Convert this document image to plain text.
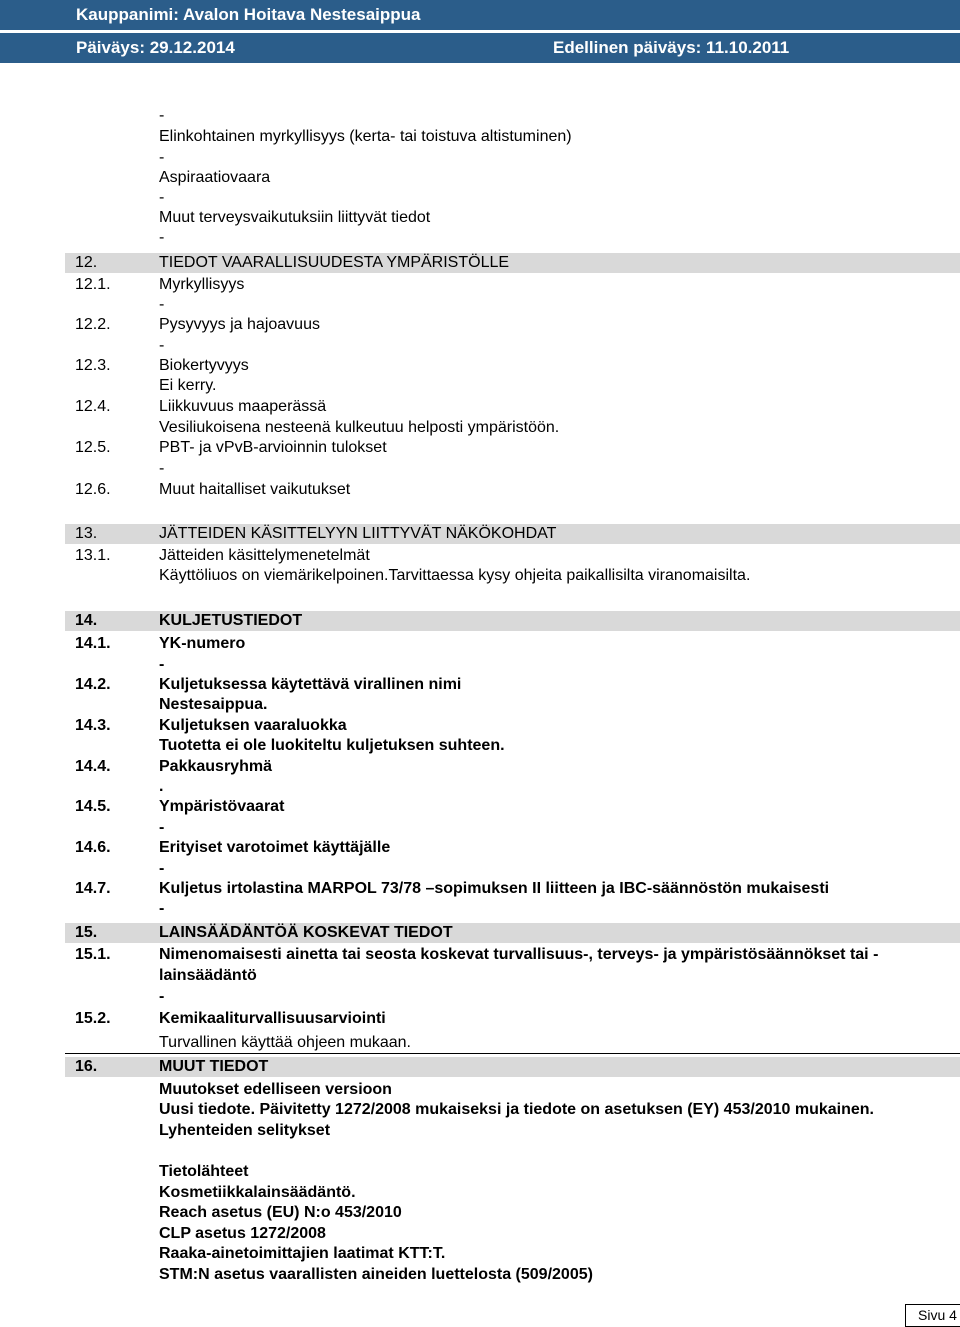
Kauppanimi: Avalon Hoitava Nestesaippua
Päiväys: 29.12.2014	Edellinen päiväys: 11.10.2011
-
Elinkohtainen myrkyllisyys (kerta- tai toistuva altistuminen)
-
Aspiraatiovaara
-
Muut terveysvaikutuksiin liittyvät tiedot
-
12.	TIEDOT VAARALLISUUDESTA YMPÄRISTÖLLE
12.1.	Myrkyllisyys
-
12.2.	Pysyvyys ja hajoavuus
-
12.3.	Biokertyvyys
Ei kerry.
12.4.	Liikkuvuus maaperässä
Vesiliukoisena nesteenä kulkeutuu helposti ympäristöön.
12.5.	PBT- ja vPvB-arvioinnin tulokset
-
12.6.	Muut haitalliset vaikutukset
13.	JÄTTEIDEN KÄSITTELYYN LIITTYVÄT NÄKÖKOHDAT
13.1.	Jätteiden käsittelymenetelmät
Käyttöliuos on viemärikelpoinen.Tarvittaessa kysy ohjeita paikallisilta viranomaisilta.
14.	KULJETUSTIEDOT
14.1.	YK-numero
-
14.2.	Kuljetuksessa käytettävä virallinen nimi
Nestesaippua.
14.3.	Kuljetuksen vaaraluokka
Tuotetta ei ole luokiteltu kuljetuksen suhteen.
14.4.	Pakkausryhmä
.
14.5.	Ympäristövaarat
-
14.6.	Erityiset varotoimet käyttäjälle
-
14.7.	Kuljetus irtolastina MARPOL 73/78 –sopimuksen II liitteen ja IBC-säännöstön mukaisesti
-
15.	LAINSÄÄDÄNTÖÄ KOSKEVAT TIEDOT
15.1.	Nimenomaisesti ainetta tai seosta koskevat turvallisuus-, terveys- ja ympäristösäännökset tai -
lainsäädäntö
-
15.2.	Kemikaaliturvallisuusarviointi
Turvallinen käyttää ohjeen mukaan.
16.	MUUT TIEDOT
Muutokset edelliseen versioon
Uusi tiedote. Päivitetty 1272/2008 mukaiseksi ja tiedote on asetuksen (EY) 453/2010 mukainen.
Lyhenteiden selitykset
Tietolähteet
Kosmetiikkalainsäädäntö.
Reach asetus (EU) N:o 453/2010
CLP asetus 1272/2008
Raaka-ainetoimittajien laatimat KTT:T.
STM:N asetus vaarallisten aineiden luettelosta (509/2005)
Sivu 4
